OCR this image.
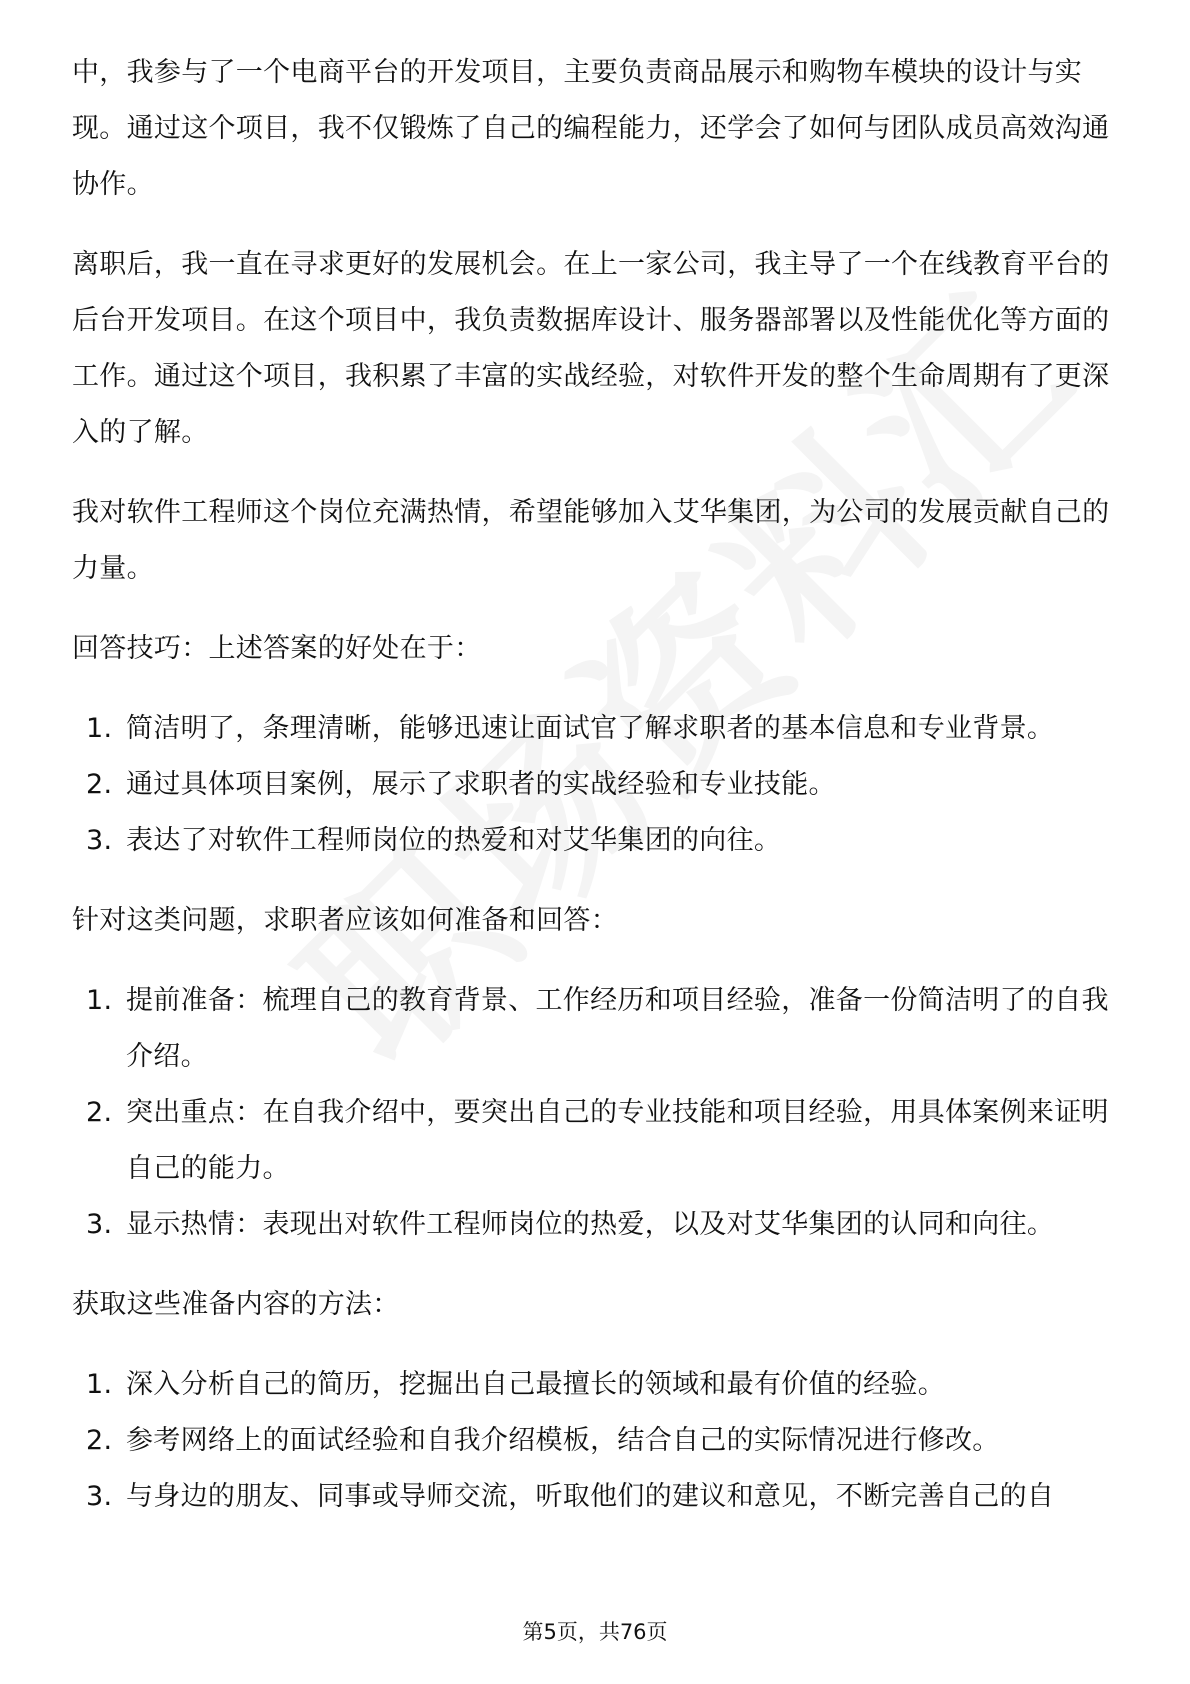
中，我参与了一个电商平台的开发项目，主要负责商品展示和购物车模块的设计与实现。通过这个项目，我不仅锻炼了自己的编程能力，还学会了如何与团队成员高效沟通协作。

离职后，我一直在寻求更好的发展机会。在上一家公司，我主导了一个在线教育平台的后台开发项目。在这个项目中，我负责数据库设计、服务器部署以及性能优化等方面的工作。通过这个项目，我积累了丰富的实战经验，对软件开发的整个生命周期有了更深入的了解。

我对软件工程师这个岗位充满热情，希望能够加入艾华集团，为公司的发展贡献自己的力量。

回答技巧：上述答案的好处在于：

1. 简洁明了，条理清晰，能够迅速让面试官了解求职者的基本信息和专业背景。
2. 通过具体项目案例，展示了求职者的实战经验和专业技能。
3. 表达了对软件工程师岗位的热爱和对艾华集团的向往。

针对这类问题，求职者应该如何准备和回答：

1. 提前准备：梳理自己的教育背景、工作经历和项目经验，准备一份简洁明了的自我介绍。
2. 突出重点：在自我介绍中，要突出自己的专业技能和项目经验，用具体案例来证明自己的能力。
3. 显示热情：表现出对软件工程师岗位的热爱，以及对艾华集团的认同和向往。

获取这些准备内容的方法：

1. 深入分析自己的简历，挖掘出自己最擅长的领域和最有价值的经验。
2. 参考网络上的面试经验和自我介绍模板，结合自己的实际情况进行修改。
3. 与身边的朋友、同事或导师交流，听取他们的建议和意见，不断完善自己的自
第5页，共76页
